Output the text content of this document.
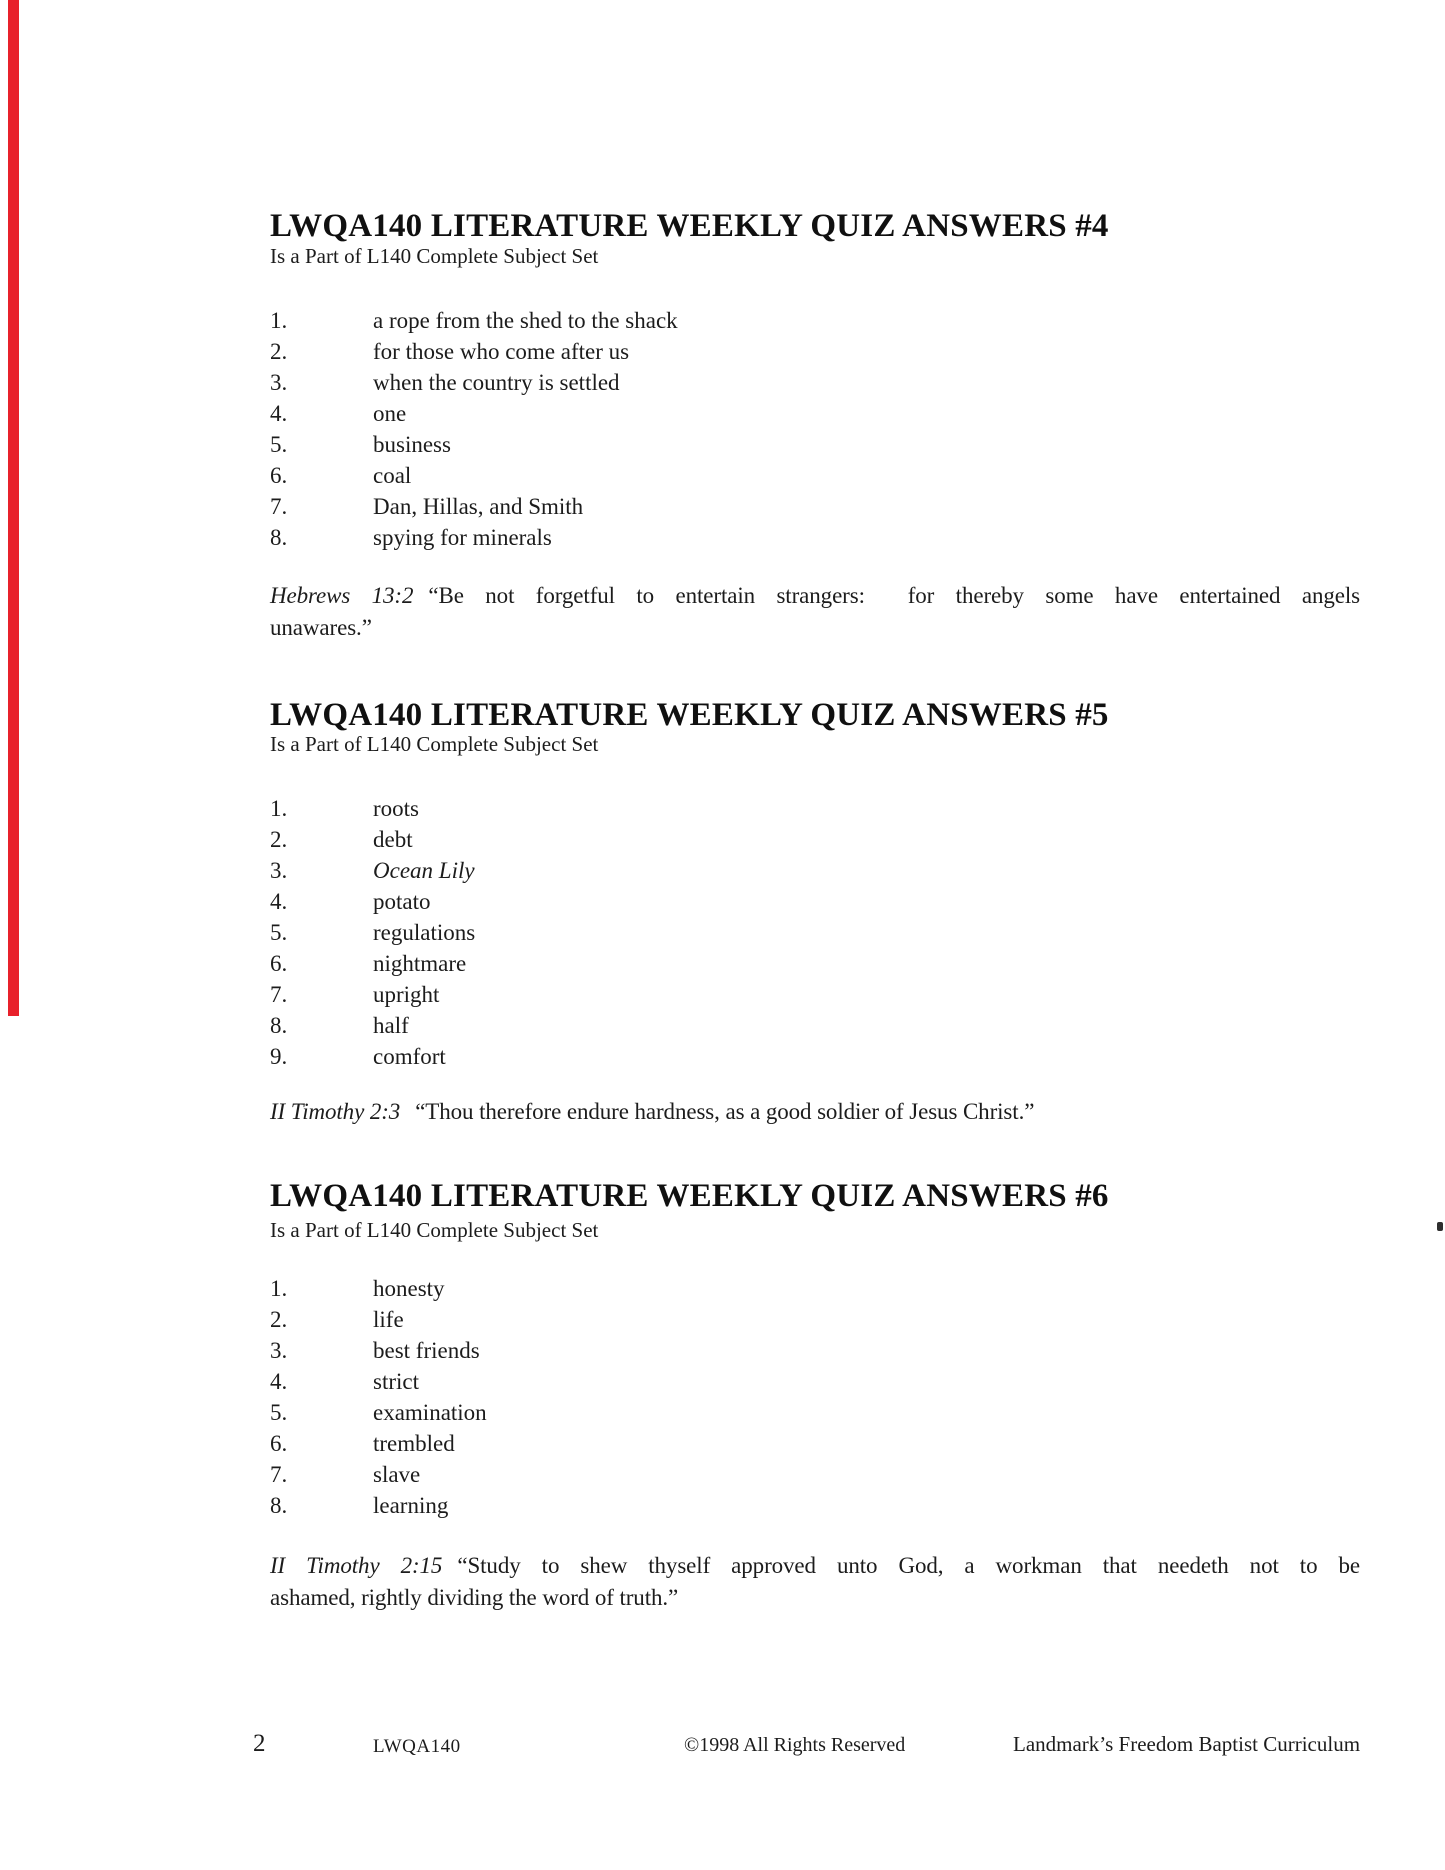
LWQA140 LITERATURE WEEKLY QUIZ ANSWERS #4
Is a Part of L140 Complete Subject Set
1.	a rope from the shed to the shack
2.	for those who come after us
3.	when the country is settled
4.	one
5.	business
6.	coal
7.	Dan, Hillas, and Smith
8.	spying for minerals
Hebrews 13:2 “Be not forgetful to entertain strangers:  for thereby some have entertained angels
unawares.”
LWQA140 LITERATURE WEEKLY QUIZ ANSWERS #5
Is a Part of L140 Complete Subject Set
1.	roots
2.	debt
3.	Ocean Lily
4.	potato
5.	regulations
6.	nightmare
7.	upright
8.	half
9.	comfort
II Timothy 2:3 “Thou therefore endure hardness, as a good soldier of Jesus Christ.”
LWQA140 LITERATURE WEEKLY QUIZ ANSWERS #6
Is a Part of L140 Complete Subject Set
1.	honesty
2.	life
3.	best friends
4.	strict
5.	examination
6.	trembled
7.	slave
8.	learning
II Timothy 2:15 “Study to shew thyself approved unto God, a workman that needeth not to be
ashamed, rightly dividing the word of truth.”
2	LWQA140	©1998 All Rights Reserved	Landmark’s Freedom Baptist Curriculum
